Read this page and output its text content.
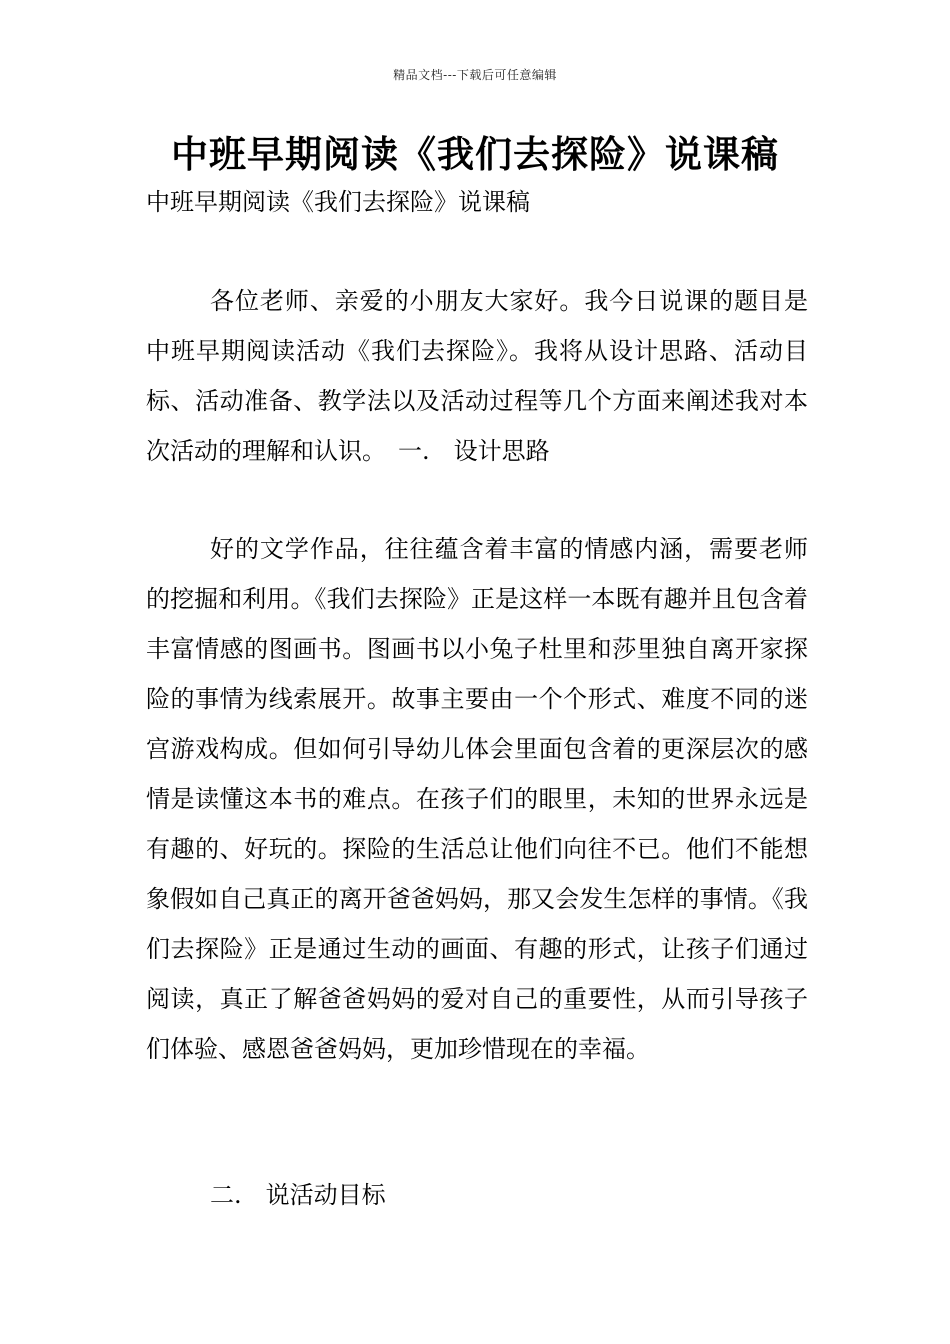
精品文档---下载后可任意编辑
中班早期阅读《我们去探险》说课稿

中班早期阅读《我们去探险》说课稿

各位老师、亲爱的小朋友大家好。我今日说课的题目是中班早期阅读活动《我们去探险》。我将从设计思路、活动目标、活动准备、教学法以及活动过程等几个方面来阐述我对本次活动的理解和认识。　一.　设计思路

好的文学作品，往往蕴含着丰富的情感内涵，需要老师的挖掘和利用。《我们去探险》正是这样一本既有趣并且包含着丰富情感的图画书。图画书以小兔子杜里和莎里独自离开家探险的事情为线索展开。故事主要由一个个形式、难度不同的迷宫游戏构成。但如何引导幼儿体会里面包含着的更深层次的感情是读懂这本书的难点。在孩子们的眼里，未知的世界永远是有趣的、好玩的。探险的生活总让他们向往不已。他们不能想象假如自己真正的离开爸爸妈妈，那又会发生怎样的事情。《我们去探险》正是通过生动的画面、有趣的形式，让孩子们通过阅读，真正了解爸爸妈妈的爱对自己的重要性，从而引导孩子们体验、感恩爸爸妈妈，更加珍惜现在的幸福。

二.　说活动目标
